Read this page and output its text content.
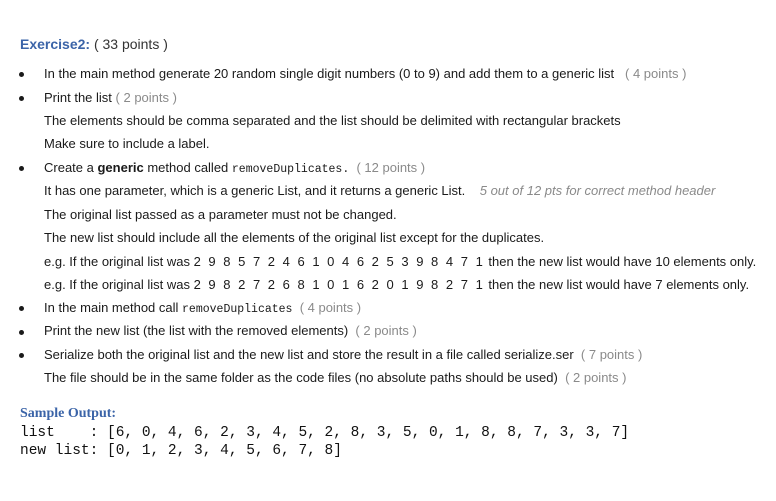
Exercise2: ( 33 points )
In the main method generate 20 random single digit numbers (0 to 9) and add them to a generic list ( 4 points )
Print the list ( 2 points )
The elements should be comma separated and the list should be delimited with rectangular brackets
Make sure to include a label.
Create a generic method called removeDuplicates. ( 12 points )
It has one parameter, which is a generic List, and it returns a generic List. 5 out of 12 pts for correct method header
The original list passed as a parameter must not be changed.
The new list should include all the elements of the original list except for the duplicates.
e.g. If the original list was 2 9 8 5 7 2 4 6 1 0 4 6 2 5 3 9 8 4 7 1 then the new list would have 10 elements only.
e.g. If the original list was 2 9 8 2 7 2 6 8 1 0 1 6 2 0 1 9 8 2 7 1 then the new list would have 7 elements only.
In the main method call removeDuplicates ( 4 points )
Print the new list (the list with the removed elements) ( 2 points )
Serialize both the original list and the new list and store the result in a file called serialize.ser ( 7 points )
The file should be in the same folder as the code files (no absolute paths should be used) ( 2 points )
Sample Output:
list    : [6, 0, 4, 6, 2, 3, 4, 5, 2, 8, 3, 5, 0, 1, 8, 8, 7, 3, 3, 7]
new list: [0, 1, 2, 3, 4, 5, 6, 7, 8]
